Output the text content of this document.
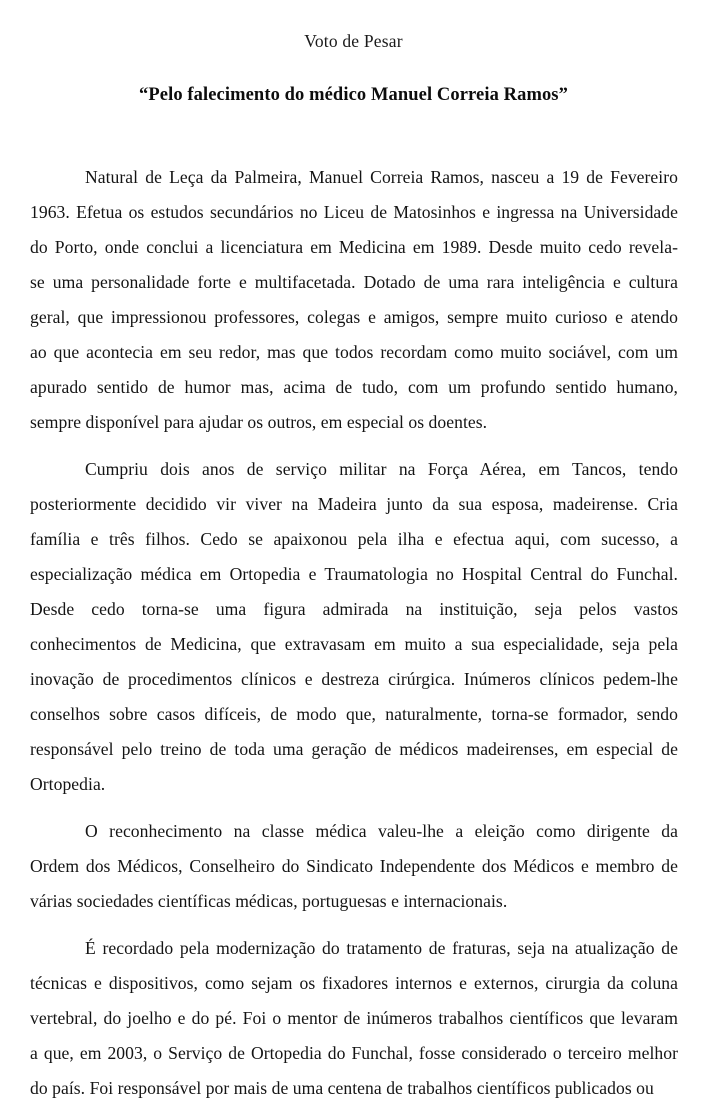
Voto de Pesar
“Pelo falecimento do médico Manuel Correia Ramos”
Natural de Leça da Palmeira, Manuel Correia Ramos, nasceu a 19 de Fevereiro
1963. Efetua os estudos secundários no Liceu de Matosinhos e ingressa na Universidade
do Porto, onde conclui a licenciatura em Medicina em 1989. Desde muito cedo revela-
se uma personalidade forte e multifacetada. Dotado de uma rara inteligência e cultura
geral, que impressionou professores, colegas e amigos, sempre muito curioso e atendo
ao que acontecia em seu redor, mas que todos recordam como muito sociável, com um
apurado sentido de humor mas, acima de tudo, com um profundo sentido humano,
sempre disponível para ajudar os outros, em especial os doentes.
Cumpriu dois anos de serviço militar na Força Aérea, em Tancos, tendo
posteriormente decidido vir viver na Madeira junto da sua esposa, madeirense. Cria
família e três filhos. Cedo se apaixonou pela ilha e efectua aqui, com sucesso, a
especialização médica em Ortopedia e Traumatologia no Hospital Central do Funchal.
Desde cedo torna-se uma figura admirada na instituição, seja pelos vastos
conhecimentos de Medicina, que extravasam em muito a sua especialidade, seja pela
inovação de procedimentos clínicos e destreza cirúrgica. Inúmeros clínicos pedem-lhe
conselhos sobre casos difíceis, de modo que, naturalmente, torna-se formador, sendo
responsável pelo treino de toda uma geração de médicos madeirenses, em especial de
Ortopedia.
O reconhecimento na classe médica valeu-lhe a eleição como dirigente da
Ordem dos Médicos, Conselheiro do Sindicato Independente dos Médicos e membro de
várias sociedades científicas médicas, portuguesas e internacionais.
É recordado pela modernização do tratamento de fraturas, seja na atualização de
técnicas e dispositivos, como sejam os fixadores internos e externos, cirurgia da coluna
vertebral, do joelho e do pé. Foi o mentor de inúmeros trabalhos científicos que levaram
a que, em 2003, o Serviço de Ortopedia do Funchal, fosse considerado o terceiro melhor
do país. Foi responsável por mais de uma centena de trabalhos científicos publicados ou
